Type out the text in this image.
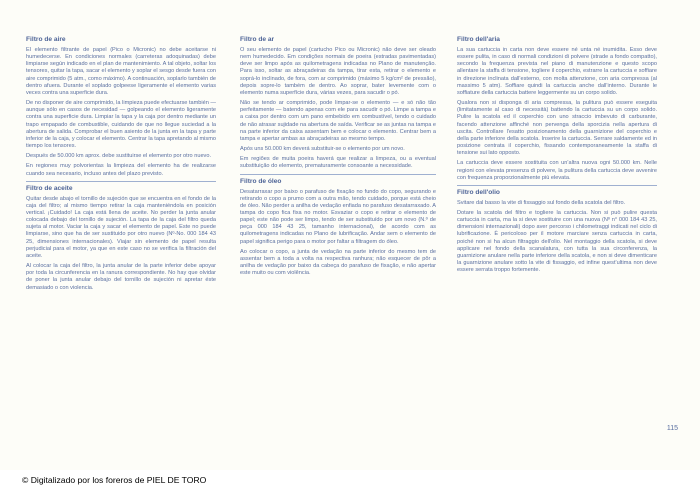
Filtro de aire

El elemento filtrante de papel (Pico o Micronic) no debe aceitarse ni humedecerse. En condiciones normales (carreteras adoquinadas) debe limpiarse según indicado en el plan de mantenimiento. A tal objeto, soltar los tensores, quitar la tapa, sacar el elemento y soplar el sesgo desde fuera con aire comprimido (5 atm., como máximo). A continuación, soplarlo también de dentro afuera. Durante el soplado golpeese ligeramente el elemento varias veces contra una superficie dura.

De no disponer de aire comprimido, la limpieza puede efectuarse también — aunque sólo en casos de necesidad — golpeando el elemento ligeramente contra una superficie dura. Limpiar la tapa y la caja por dentro mediante un trapo empapado de combustible, cuidando de que no llegue suciedad a la abertura de salida. Comprobar el buen asiento de la junta en la tapa y parte inferior de la caja, y colocar el elemento. Centrar la tapa apretando al mismo tiempo los tensores.

Después de 50.000 km aprox. debe sustituirse el elemento por otro nuevo.

En regiones muy polvorientas la limpieza del elemento ha de realizarse cuando sea necesario, incluso antes del plazo previsto.

Filtro de aceite

Quitar desde abajo el tornillo de sujeción que se encuentra en el fondo de la caja del filtro; al mismo tiempo retirar la caja manteniéndola en posición vertical. ¡Cuidado! La caja está llena de aceite. No perder la junta anular colocada debajo del tornillo de sujeción. La tapa de la caja del filtro queda sujeta al motor. Vaciar la caja y sacar el elemento de papel. Este no puede limpiarse, sino que ha de ser sustituido por otro nuevo (Nº-No. 000 184 43 25, dimensiones internacionales). Viajar sin elemento de papel resulta perjudicial para el motor, ya que en este caso no se verifica la filtración del aceite.

Al colocar la caja del filtro, la junta anular de la parte inferior debe apoyar por toda la circunferencia en la ranura correspondiente. No hay que olvidar de poner la junta anular debajo del tornillo de sujeción ni apretar éste demasiado o con violencia.

Filtro de ar

O seu elemento de papel (cartucho Pico ou Micronic) não deve ser oleado nem humedecido. Em condições normais de poeira (estradas pavimentadas) deve ser limpo após as quilometragens indicadas no Plano de manutenção. Para isso, soltar as abraçadeiras da tampa, tirar esta, retirar o elemento e soprá-lo inclinado, de fora, com ar comprimido (máximo 5 kg/cm² de pressão), depois sopre-lo também de dentro. Ao soprar, bater levemente com o elemento numa superfície dura, várias vezes, para sacudir o pó.

Não se tendo ar comprimido, pode limpar-se o elemento — e só não tão perfeitamente — batendo apenas com ele para sacudir o pó. Limpe a tampa e a caixa por dentro com um pano embebido em combustível, tendo o cuidado de não atrasar sujidade na abertura de saída. Verificar se as juntas na tampa e na parte inferior da caixa assentam bem e colocar o elemento. Centrar bem a tampa e apertar ambas as abraçadeiras ao mesmo tempo.

Após uns 50.000 km deverá substituir-se o elemento por um novo.

Em regiões de muita poeira haverá que realizar a limpeza, ou a eventual substituição do elemento, prematuramente consoante a necessidade.

Filtro de óleo

Desatarraxar por baixo o parafuso de fixação no fundo do copo, segurando e retirando o copo a prumo com a outra mão, tendo cuidado, porque está cheio de óleo. Não perder a anilha de vedação enfiada no parafuso desatarraxado. A tampa do copo fica fixa no motor. Esvaziar o copo e retirar o elemento de papel; este não pode ser limpo, tendo de ser substituído por um novo (N.º de peça 000 184 43 25, tamanho internacional), de acordo com as quilometragens indicadas no Plano de lubrificação. Andar sem o elemento de papel significa perigo para o motor por faltar a filtragem do óleo.

Ao colocar o copo, a junta de vedação na parte inferior do mesmo tem de assentar bem a toda a volta na respectiva ranhura; não esquecer de pôr a anilha de vedação por baixo da cabeça do parafuso de fixação, e não apertar este muito ou com violência.

Filtro dell'aria

La sua cartuccia in carta non deve essere né unta né inumidita. Esso deve essere pulita, in caso di normali condizioni di polvere (strade a fondo compatto), secondo la frequenza prevista nel piano di manutenzione e questo scopo allentare la staffa di tensione, togliere il coperchio, estrarre la cartuccia e soffiare in direzione inclinata dall'esterno, con molta attenzione, con aria compressa (al massimo 5 atm). Soffiare quindi la cartuccia anche dall'interno. Durante le soffiature della cartuccia battere leggermente su un corpo solido.

Qualora non si disponga di aria compressa, la pulitura può essere eseguita (limitatamente al caso di necessità) battendo la cartuccia su un corpo solido. Pulire la scatola ed il coperchio con uno straccio imbevuto di carburante, facendo attenzione affinché non pervenga della sporcizia nella apertura di uscita. Controllare l'esatto posizionamento della guarnizione del coperchio e della parte inferiore della scatola. Inserire la cartuccia. Serrare saldamente ed in posizione centrata il coperchio, fissando contemporaneamente la staffa di tensione sui lato opposto.

La cartuccia deve essere sostituita con un'altra nuova ogni 50.000 km. Nelle regioni con elevata presenza di polvere, la pulitura della cartuccia deve avvenire con frequenza proporzionalmente più elevata.

Filtro dell'olio

Svitare dal basso la vite di fissaggio sul fondo della scatola del filtro.

Dotare la scatola del filtro e togliere la cartuccia. Non si può pulire questa cartuccia in carta, ma la si deve sostituire con una nuova (Nº n° 000 184 43 25, dimensioni internazionali) dopo aver percorso i chilometraggi indicati nel ciclo di lubrificazione. È pericoloso per il motore marciare senza cartuccia in carta, poiché non si ha alcun filtraggio dell'olio. Nel montaggio della scatola, si deve applicare nel fondo della scanalatura, con tutta la sua circonferenza, la guarnizione anulare nella parte inferiore della scatola, e non si deve dimenticare la guarnizione anulare sotto la vite di fissaggio, ed infine quest'ultima non deve essere serrata troppo fortemente.

115
© Digitalizado por los foreros de PIEL DE TORO
